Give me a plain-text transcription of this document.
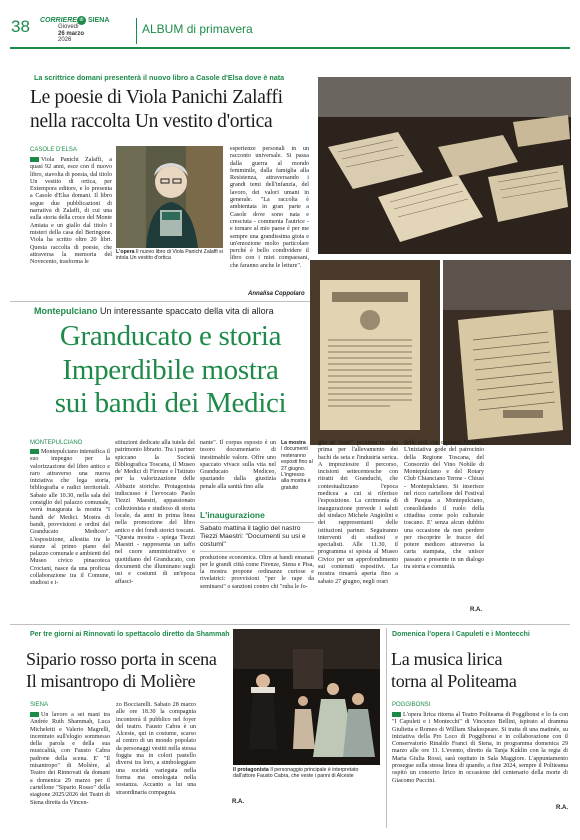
38 CORRIERE di SIENA
Giovedì
26 marzo
2026
ALBUM di primavera
La scrittrice domani presenterà il nuovo libro a Casole d'Elsa dove è nata
Le poesie di Viola Panichi Zalaffi
nella raccolta Un vestito d'ortica
CASOLE D'ELSA
Viola Panichi Zalaffi, a quasi 92 anni, esce con il nuovo libro, stavolta di poesia, dal titolo Un vestito di ortica, per Extempora editore, e lo presenta a Casole d'Elsa domani. Il libro segue due pubblicazioni di narrativa di Zalaffi, di cui una sulla storia della croce del Monte Amiata e un giallo dal titolo I misteri della casa del Beringone. Viola ha scritto oltre 20 libri. Questa raccolta di poesie, che attraversa la memoria del Novecento, trasforma le
L'opera Il nuovo libro di Viola Panichi Zalaffi si intola Un vestito d'ortica
esperienze personali in un racconto universale. Si passa dalla guerra al mondo femminile, dalla famiglia alla Resistenza, attraversando i grandi temi dell'infanzia, del lavoro, dei valori umani in generale. "La raccolta è ambientata in gran parte a Casole dove sono nata e cresciuta - commenta l'autrice - e tornare al mio paese è per me sempre una grandissima gioia e un'emozione molto particolare perché è bello condividere il libro con i miei compaesani, che faranno anche le letture".
Annalisa Coppolaro
Montepulciano Un interessante spaccato della vita di allora
Granducato e storia
Imperdibile mostra
sui bandi dei Medici
MONTEPULCIANO
Montepulciano intensifica il suo impegno per la valorizzazione del libro antico e raro attraverso una nuova iniziativa che lega storia, bibliografia e radici territoriali. Sabato alle 10.30, nella sala del consiglio del palazzo comunale, verrà inaugurata la mostra "I bandi de' Medici. Mostra di bandi, provvisioni e ordini del Granducato Mediceo". L'esposizione, allestita tra le stanze al primo piano del palazzo comunale e ambienti del Museo civico pinacoteca Crociani, nasce da una proficua collaborazione tra il Comune, studiosi e i-
stituzioni dedicate alla tutela del patrimonio librario. Tra i partner spiccano la Società Bibliografica Toscana, il Museo de' Medici di Firenze e l'Istituto per la valorizzazione delle Abbazie storiche. Protagonista indiscusso è l'avvocato Paolo Tiezzi Maestri, appassionato collezionista e studioso di storia locale, da anni in prima linea nella promozione del libro antico e dei fondi storici toscani. "Questa mostra - spiega Tiezzi Maestri - rappresenta un taffo nel cuore amministrativo e quotidiano del Granducato, con documenti che illuminano sugli usi e costumi di un'epoca affasci-
nante". Il corpus esposto è un tesoro documentario di inestimabile valore. Offre uno spaccato vivace sulla vita nel Granducato Mediceo, spaziando dalla giustizia penale alla sanità fino alla
La mostra
I documenti resteranno esposti fino al 27 giugno. L'ingresso alla mostra è gratuito
L'inaugurazione
Sabato mattina il taglio del nastro
Tiezzi Maestri: "Documenti su usi e costumi"
produzione economica. Oltre ai bandi emanati per le grandi città come Firenze, Siena e Pisa, la mostra propone ordinanze curiose e rivelatrici: provvisioni "per le rape da seminarsi" o sanzioni contro chi "ruba le fo-
glie de' mori", preziosa materia prima per l'allevamento dei bachi da seta e l'industria serica. A impreziosire il percorso, incisioni settecentesche con ritratti dei Granduchi, che contestualizzano l'epoca medicea a cui si riferisce l'esposizione. La cerimonia di inaugurazione prevede i saluti del sindaco Michele Angiolini e dei rappresentanti delle istituzioni partner. Seguiranno interventi di studiosi e specialisti. Alle 11.30, il programma si sposta al Museo Civico per un approfondimento sui contenuti espositivi. La mostra rimarrà aperta fino a sabato 27 giugno, negli orari
delle sedi che ospitano l'evento. L'iniziativa gode del patrocinio della Regione Toscana, del Consorzio del Vino Nobile di Montepulciano e del Rotary Club Chianciano Terme - Chiusi - Montepulciano. Si inserisce nel ricco cartellone del Festival di Pasqua a Montepulciano, consolidando il ruolo della cittadina come polo culturale toscano. E' senza alcun dubbio una occasione da non perdere per riscoprire le tracce del potere mediceo attraverso la carta stampata, che unisce passato e presente in un dialogo tra storia e comunità.
R.A.
Per tre giorni ai Rinnovati lo spettacolo diretto da Shammah
Sipario rosso porta in scena
Il misantropo di Molière
SIENA
Un lavoro a sei mani tra Andrée Ruth Shammah, Luca Micheletti e Valerio Magrelli, incentrato sull'elogio sommesso della parola e della sua musicalità, con Fausto Cabra padrone della scena. E' "Il misantropo" di Molière, al Teatro dei Rinnovati da domani a domenica 29 marzo per il cartellone "Sipario Rosso" della stagione 2025/2026 dei Teatri di Siena diretta da Vincen-
zo Bocciarelli. Sabato 28 marzo alle ore 18.30 la compagnia incontrerà il pubblico nel foyer del teatro. Fausto Cabra è un Alceste, qui in costume, scarso al centro di un mondo popolato da personaggi vestiti nella stessa foggia ma in colori pastello diversi tra loro, a simboleggiare una società variegata nella forma ma omologata nella sostanza. Accanto a lui una straordinaria compagnia.
R.A.
Il protagonista Il personaggio principale è interpretato dall'attore Fausto Cabra, che veste i panni di Alceste
Domenica l'opera I Capuleti e i Montecchi
La musica lirica
torna al Politeama
POGGIBONSI
L'opera lirica ritorna al Teatro Politeama di Poggibonsi e lo fa con "I Capuleti e i Montecchi" di Vincenzo Bellini, ispirato al dramma Giulietta e Romeo di William Shakespeare. Si tratta di una matinée, su iniziativa della Pro Loco di Poggibonsi e in collaborazione con il Conservatorio Rinaldo Franci di Siena, in programma domenica 29 marzo alle ore 11. L'evento, diretto da Tanja Kuklin con la regia di Maria Giulia Rossi, sarà ospitato in Sala Maggiore. L'appuntamento prosegue sulla stessa linea di quando, a fine 2024, sempre il Politeama ospitò un concerto lirico in occasione del centenario della morte di Giacomo Puccini.
R.A.
